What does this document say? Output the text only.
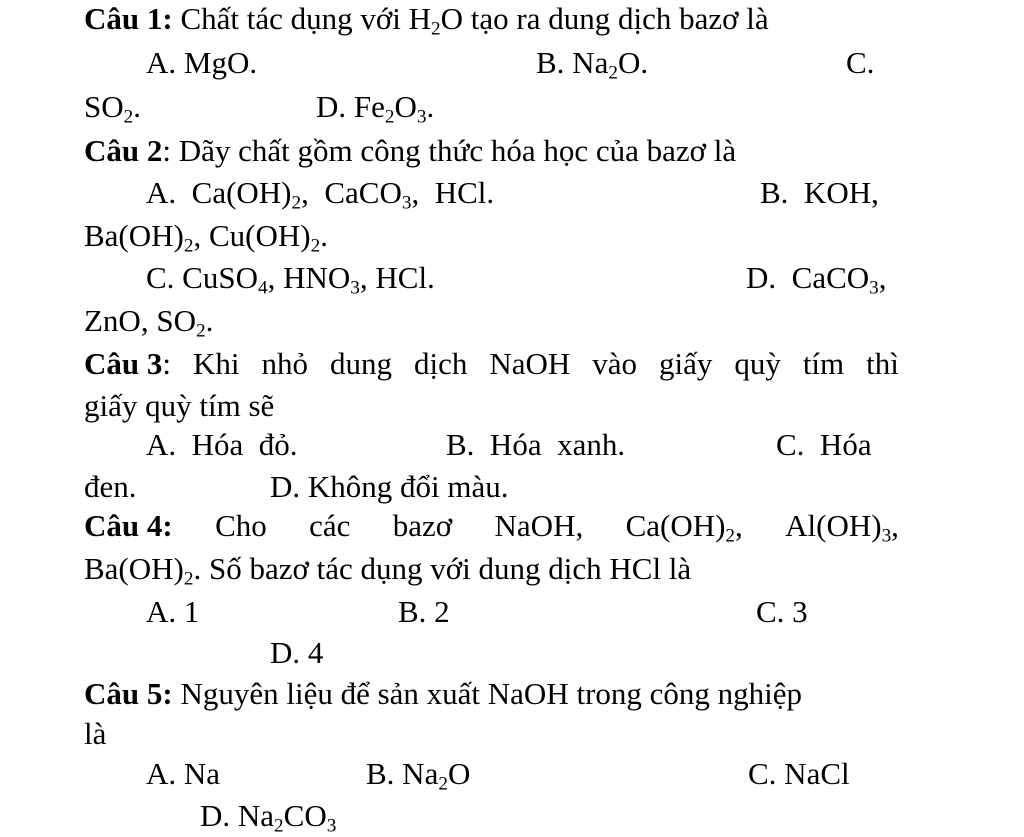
Câu 1: Chất tác dụng với $H_2O$ tạo ra dung dịch bazơ là
A. MgO.	B. $Na_2O$.	C.
$SO_2$.	D. $Fe_2O_3$.
Câu 2: Dãy chất gồm công thức hóa học của bazơ là
A.  $Ca(OH)_2$,  CaCO$_3$,  HCl.	B.  KOH,
$Ba(OH)_2$, $Cu(OH)_2$.
C. CuSO$_4$, $HNO_3$, HCl.	D.  CaCO$_3$,
ZnO, $SO_2$.
Câu 3: Khi nhỏ dung dịch NaOH vào giấy quỳ tím thì
giấy quỳ tím sẽ
A.  Hóa  đỏ.	B.  Hóa  xanh.	C.  Hóa
đen.	D. Không đổi màu.
Câu 4: Cho các bazơ NaOH, $Ca(OH)_2$, $Al(OH)_3$,
$Ba(OH)_2$. Số bazơ tác dụng với dung dịch HCl là
A. 1	B. 2	C. 3
D. 4
Câu 5: Nguyên liệu để sản xuất NaOH trong công nghiệp
là
A. Na	B. $Na_2O$	C. NaCl
D. $Na_2CO_3$
